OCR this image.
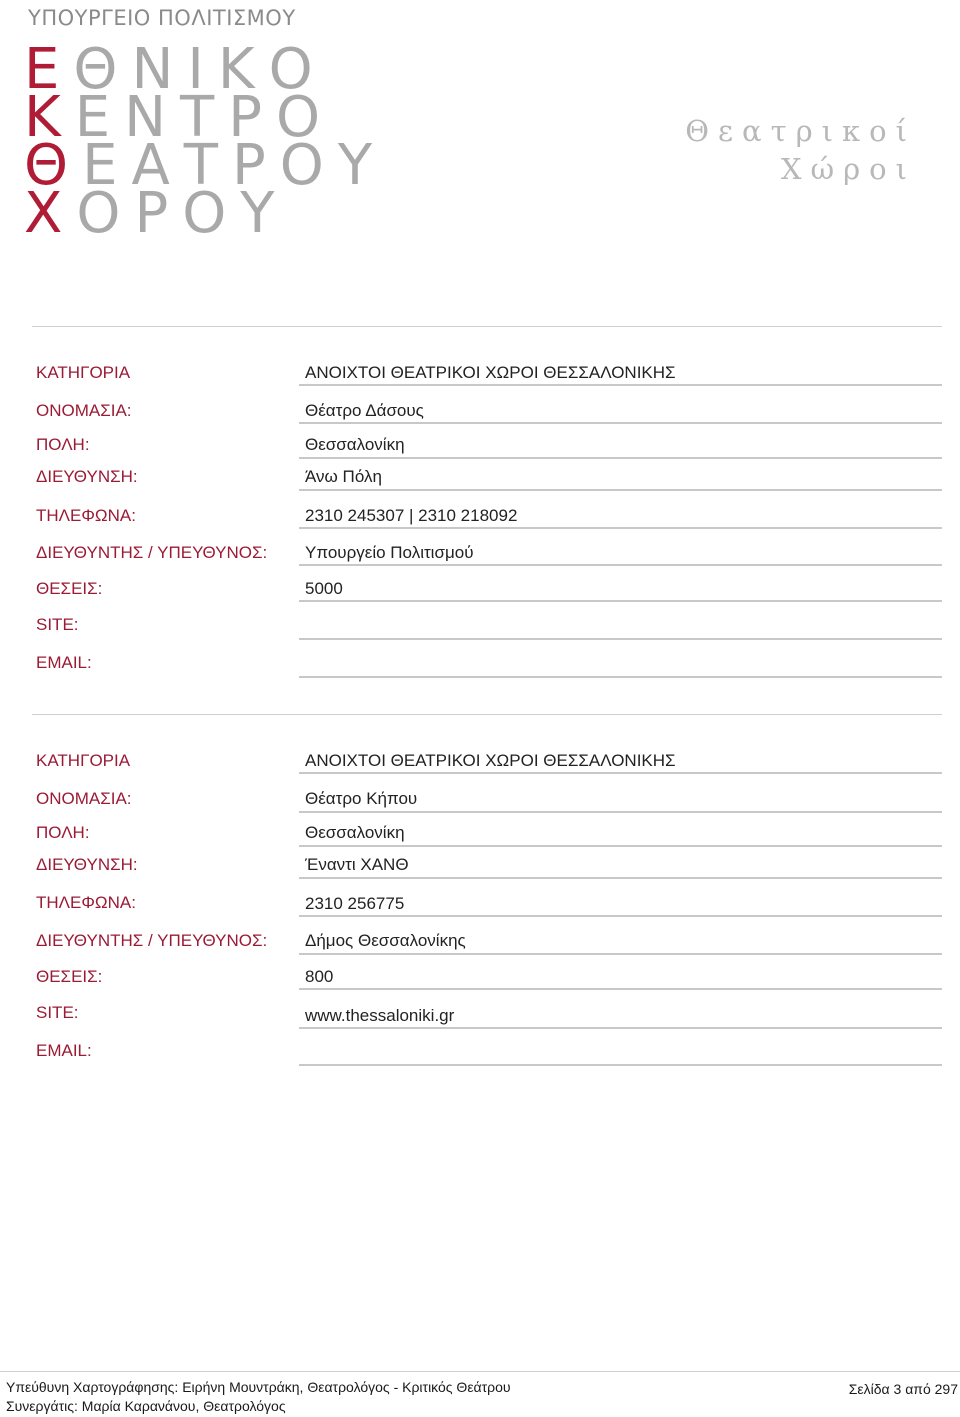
ΥΠΟΥΡΓΕΙΟ ΠΟΛΙΤΙΣΜΟΥ
ΕΘΝΙΚΟ
ΚΕΝΤΡΟ
ΘΕΑΤΡΟΥ
ΧΟΡΟΥ
Θεατρικοί
Χώροι
ΚΑΤΗΓΟΡΙΑ	ΑΝΟΙΧΤΟΙ ΘΕΑΤΡΙΚΟΙ ΧΩΡΟΙ ΘΕΣΣΑΛΟΝΙΚΗΣ
ΟΝΟΜΑΣΙΑ:	Θέατρο Δάσους
ΠΟΛΗ:	Θεσσαλονίκη
ΔΙΕΥΘΥΝΣΗ:	Άνω Πόλη
ΤΗΛΕΦΩΝΑ:	2310 245307 | 2310 218092
ΔΙΕΥΘΥΝΤΗΣ / ΥΠΕΥΘΥΝΟΣ: Υπουργείο Πολιτισμού
ΘΕΣΕΙΣ:	5000
SITE:
EMAIL:
ΚΑΤΗΓΟΡΙΑ	ΑΝΟΙΧΤΟΙ ΘΕΑΤΡΙΚΟΙ ΧΩΡΟΙ ΘΕΣΣΑΛΟΝΙΚΗΣ
ΟΝΟΜΑΣΙΑ:	Θέατρο Κήπου
ΠΟΛΗ:	Θεσσαλονίκη
ΔΙΕΥΘΥΝΣΗ:	Έναντι ΧΑΝΘ
ΤΗΛΕΦΩΝΑ:	2310 256775
ΔΙΕΥΘΥΝΤΗΣ / ΥΠΕΥΘΥΝΟΣ: Δήμος Θεσσαλονίκης
ΘΕΣΕΙΣ:	800
SITE:	www.thessaloniki.gr
EMAIL:
Υπεύθυνη Χαρτογράφησης: Ειρήνη Μουντράκη, Θεατρολόγος - Κριτικός Θεάτρου
Συνεργάτις: Μαρία Καρανάνου, Θεατρολόγος
Σελίδα 3 από 297
